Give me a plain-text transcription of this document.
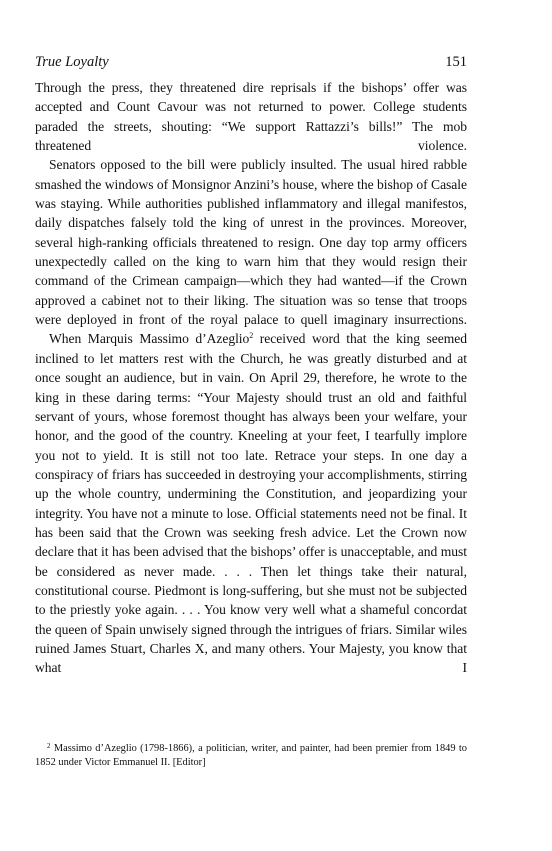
True Loyalty	151

Through the press, they threatened dire reprisals if the bishops’ offer was accepted and Count Cavour was not returned to power. College students paraded the streets, shouting: “We support Rattazzi’s bills!” The mob threatened violence.

Senators opposed to the bill were publicly insulted. The usual hired rabble smashed the windows of Monsignor Anzini’s house, where the bishop of Casale was staying. While authorities published inflammatory and illegal manifestos, daily dispatches falsely told the king of unrest in the provinces. Moreover, several high-ranking officials threatened to resign. One day top army officers unexpectedly called on the king to warn him that they would resign their command of the Crimean campaign—which they had wanted—if the Crown approved a cabinet not to their liking. The situation was so tense that troops were deployed in front of the royal palace to quell imaginary insurrections.

When Marquis Massimo d’Azeglio$^2$ received word that the king seemed inclined to let matters rest with the Church, he was greatly disturbed and at once sought an audience, but in vain. On April 29, therefore, he wrote to the king in these daring terms: “Your Majesty should trust an old and faithful servant of yours, whose foremost thought has always been your welfare, your honor, and the good of the country. Kneeling at your feet, I tearfully implore you not to yield. It is still not too late. Retrace your steps. In one day a conspiracy of friars has succeeded in destroying your accomplishments, stirring up the whole country, undermining the Constitution, and jeopardizing your integrity. You have not a minute to lose. Official statements need not be final. It has been said that the Crown was seeking fresh advice. Let the Crown now declare that it has been advised that the bishops’ offer is unacceptable, and must be considered as never made. . . . Then let things take their natural, constitutional course. Piedmont is long-suffering, but she must not be subjected to the priestly yoke again. . . . You know very well what a shameful concordat the queen of Spain unwisely signed through the intrigues of friars. Similar wiles ruined James Stuart, Charles X, and many others. Your Majesty, you know that what I

$^2$ Massimo d’Azeglio (1798-1866), a politician, writer, and painter, had been premier from 1849 to 1852 under Victor Emmanuel II. [Editor]
